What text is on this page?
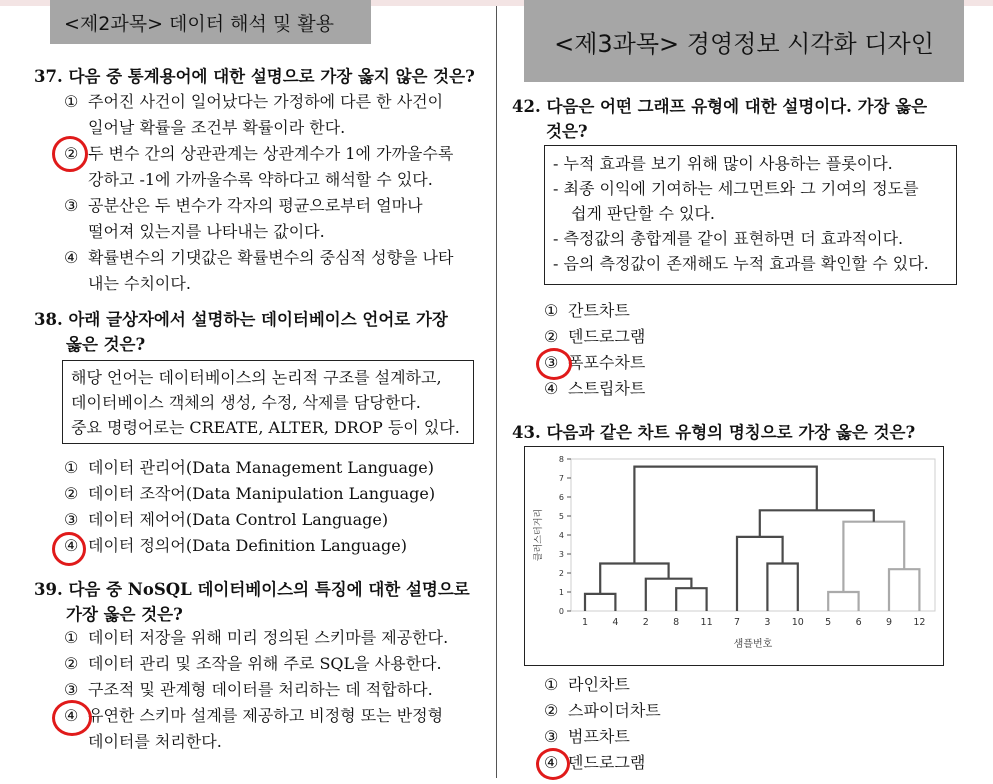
<제2과목> 데이터 해석 및 활용
<제3과목> 경영정보 시각화 디자인
37. 다음 중 통계용어에 대한 설명으로 가장 옳지 않은 것은?
① 주어진 사건이 일어났다는 가정하에 다른 한 사건이
일어날 확률을 조건부 확률이라 한다.
② 두 변수 간의 상관관계는 상관계수가 1에 가까울수록
강하고 -1에 가까울수록 약하다고 해석할 수 있다.
③ 공분산은 두 변수가 각자의 평균으로부터 얼마나
떨어져 있는지를 나타내는 값이다.
④ 확률변수의 기댓값은 확률변수의 중심적 성향을 나타
내는 수치이다.
38. 아래 글상자에서 설명하는 데이터베이스 언어로 가장
옳은 것은?
해당 언어는 데이터베이스의 논리적 구조를 설계하고,
데이터베이스 객체의 생성, 수정, 삭제를 담당한다.
중요 명령어로는 CREATE, ALTER, DROP 등이 있다.
① 데이터 관리어(Data Management Language)
② 데이터 조작어(Data Manipulation Language)
③ 데이터 제어어(Data Control Language)
④ 데이터 정의어(Data Definition Language)
39. 다음 중 NoSQL 데이터베이스의 특징에 대한 설명으로
가장 옳은 것은?
① 데이터 저장을 위해 미리 정의된 스키마를 제공한다.
② 데이터 관리 및 조작을 위해 주로 SQL을 사용한다.
③ 구조적 및 관계형 데이터를 처리하는 데 적합하다.
④ 유연한 스키마 설계를 제공하고 비정형 또는 반정형
데이터를 처리한다.
42. 다음은 어떤 그래프 유형에 대한 설명이다. 가장 옳은
것은?
- 누적 효과를 보기 위해 많이 사용하는 플롯이다.
- 최종 이익에 기여하는 세그먼트와 그 기여의 정도를
쉽게 판단할 수 있다.
- 측정값의 총합계를 같이 표현하면 더 효과적이다.
- 음의 측정값이 존재해도 누적 효과를 확인할 수 있다.
① 간트차트
② 덴드로그램
③ 폭포수차트
④ 스트립차트
43. 다음과 같은 차트 유형의 명칭으로 가장 옳은 것은?
0
1
2
3
4
5
6
7
8
1	4	2	8 11 7	3 10 5	6	9 12
샘플번호
클러스터거리
① 라인차트
② 스파이더차트
③ 범프차트
④ 덴드로그램
